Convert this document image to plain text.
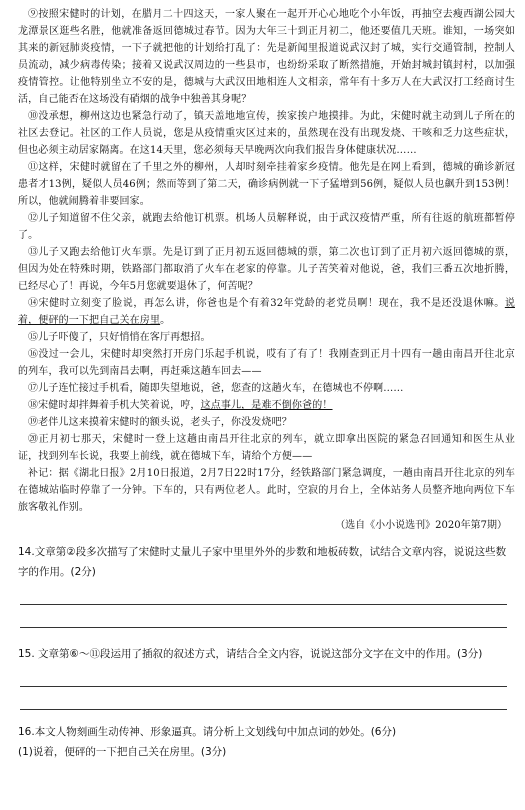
⑨按照宋健时的计划，在腊月二十四这天，一家人聚在一起开开心心地吃个小年饭，再抽空去瘦西湖公园大龙潭景区逛些名胜，他就准备返回德城过春节。因为大年三十到正月初二，他还要值几天班。谁知，一场突如其来的新冠肺炎疫情，一下子就把他的计划给打乱了：先是新闻里报道说武汉封了城，实行交通管制，控制人员流动，减少病毒传染；接着又说武汉周边的一些县市，也纷纷采取了断然措施，开始封城封镇封村，以加强疫情管控。让他特别坐立不安的是，德城与大武汉田地相连人文相亲，常年有十多万人在大武汉打工经商讨生活，自己能否在这场没有硝烟的战争中独善其身呢？

⑩没承想，柳州这边也紧急行动了，镇天盖地地宣传，挨家挨户地摸排。为此，宋健时就主动到儿子所在的社区去登记。社区的工作人员说，您是从疫情重灾区过来的，虽然现在没有出现发烧、干咳和乏力这些症状，但也必须主动居家隔离。在这14天里，您必须每天早晚两次向我们报告身体健康状况……

⑪这样，宋健时就留在了千里之外的柳州，人却时刻牵挂着家乡疫情。他先是在网上看到，德城的确诊新冠患者才13例，疑似人员46例；然而等到了第二天，确诊病例就一下子猛增到56例，疑似人员也飙升到153例！所以，他就闹腾着非要回家。

⑫儿子知道留不住父亲，就跑去给他订机票。机场人员解释说，由于武汉疫情严重，所有往返的航班都暂停了。

⑬儿子又跑去给他订火车票。先是订到了正月初五返回德城的票，第二次也订到了正月初六返回德城的票，但因为处在特殊时期，铁路部门都取消了火车在老家的停靠。儿子苦笑着对他说，爸，我们三番五次地折腾，已经尽心了！再说，今年5月您就要退休了，何苦呢？

⑭宋健时立刻变了脸说，再怎么讲，你爸也是个有着32年党龄的老党员啊！现在，我不是还没退休嘛。说着，便砰的一下把自己关在房里。

⑮儿子吓傻了，只好悄悄在客厅再想招。

⑯没过一会儿，宋健时却突然打开房门乐起手机说，哎有了有了！我刚查到正月十四有一趟由南昌开往北京的列车，我可以先到南昌去啊，再赶乘这趟车回去——

⑰儿子连忙接过手机看，随即失望地说，爸，您查的这趟火车，在德城也不停啊……

⑱宋健时却拌舞着手机大笑着说，哼，这点事儿，是难不倒你爸的！

⑲老伴儿这来摸着宋健时的额头说，老头子，你没发烧吧？

⑳正月初七那天，宋健时一登上这趟由南昌开往北京的列车，就立即拿出医院的紧急召回通知和医生从业证，找到列车长说，我要上前线，就在德城下车，请给个方便——

补记：据《湖北日报》2月10日报道，2月7日22时17分，经铁路部门紧急调度，一趟由南昌开往北京的列车在德城站临时停靠了一分钟。下车的，只有两位老人。此时，空寂的月台上，全体站务人员整齐地向两位下车旅客敬礼作别。

（选自《小小说选刊》2020年第7期）

14.文章第②段多次描写了宋健时丈量儿子家中里里外外的步数和地板砖数，试结合文章内容，说说这些数字的作用。(2分)

15. 文章第⑥～⑪段运用了插叙的叙述方式，请结合全文内容，说说这部分文字在文中的作用。(3分)

16.本文人物刻画生动传神、形象逼真。请分析上文划线句中加点词的妙处。(6分)

(1)说着，便砰的一下把自己关在房里。(3分)
